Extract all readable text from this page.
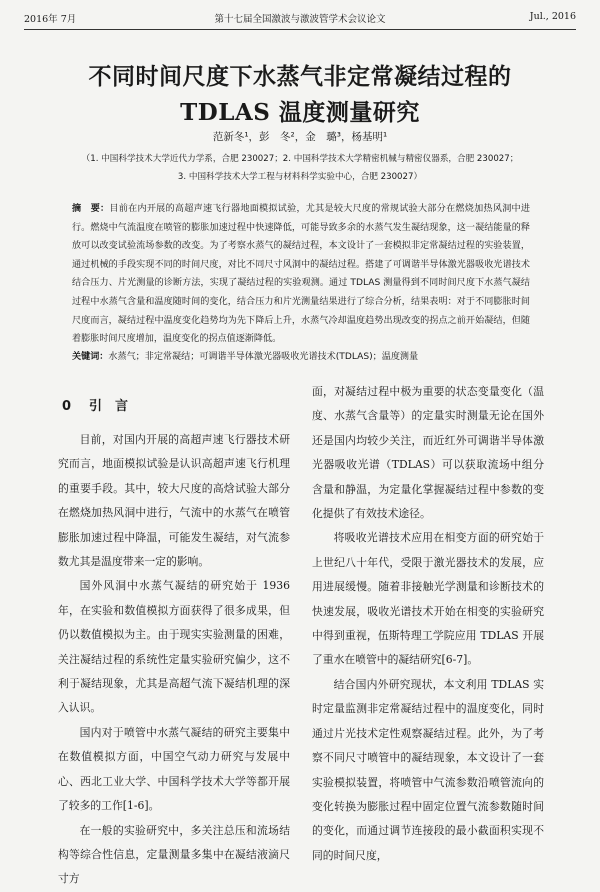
2016年 7月	第十七届全国激波与激波管学术会议论文	Jul., 2016
不同时间尺度下水蒸气非定常凝结过程的
TDLAS 温度测量研究
范新冬¹，彭　冬²，金　璐³，杨基明¹
（1. 中国科学技术大学近代力学系，合肥 230027；2. 中国科学技术大学精密机械与精密仪器系，合肥 230027；
3. 中国科学技术大学工程与材料科学实验中心，合肥 230027）
摘　要：目前在内开展的高超声速飞行器地面模拟试验，尤其是较大尺度的常规试验大部分在燃烧加热风洞中进行。燃烧中气流温度在喷管的膨胀加速过程中快速降低，可能导致多余的水蒸气发生凝结现象，这一凝结能量的释放可以改变试验流场参数的改变。为了考察水蒸气的凝结过程，本文设计了一套模拟非定常凝结过程的实验装置，通过机械的手段实现不同的时间尺度，对比不同尺寸风洞中的凝结过程。搭建了可调谐半导体激光器吸收光谱技术结合压力、片光测量的诊断方法，实现了凝结过程的实验观测。通过 TDLAS 测量得到不同时间尺度下水蒸气凝结过程中水蒸气含量和温度随时间的变化，结合压力和片光测量结果进行了综合分析，结果表明：对于不同膨胀时间尺度而言，凝结过程中温度变化趋势均为先下降后上升，水蒸气冷却温度趋势出现改变的拐点之前开始凝结，但随着膨胀时间尺度增加，温度变化的拐点值逐渐降低。
关键词：水蒸气；非定常凝结；可调谐半导体激光器吸收光谱技术(TDLAS)；温度测量
0 引　言

目前，对国内开展的高超声速飞行器技术研究而言，地面模拟试验是认识高超声速飞行机理的重要手段。其中，较大尺度的高焓试验大部分在燃烧加热风洞中进行，气流中的水蒸气在喷管膨胀加速过程中降温，可能发生凝结，对气流参数尤其是温度带来一定的影响。

国外风洞中水蒸气凝结的研究始于 1936 年，在实验和数值模拟方面获得了很多成果，但仍以数值模拟为主。由于现实实验测量的困难，关注凝结过程的系统性定量实验研究偏少，这不利于凝结现象，尤其是高超气流下凝结机理的深入认识。

国内对于喷管中水蒸气凝结的研究主要集中在数值模拟方面，中国空气动力研究与发展中心、西北工业大学、中国科学技术大学等都开展了较多的工作[1-6]。

在一般的实验研究中，多关注总压和流场结构等综合性信息，定量测量多集中在凝结液滴尺寸方

面，对凝结过程中极为重要的状态变量变化（温度、水蒸气含量等）的定量实时测量无论在国外还是国内均较少关注，而近红外可调谐半导体激光器吸收光谱（TDLAS）可以获取流场中组分含量和静温，为定量化掌握凝结过程中参数的变化提供了有效技术途径。

将吸收光谱技术应用在相变方面的研究始于上世纪八十年代，受限于激光器技术的发展，应用进展缓慢。随着非接触光学测量和诊断技术的快速发展，吸收光谱技术开始在相变的实验研究中得到重视，伍斯特理工学院应用 TDLAS 开展了重水在喷管中的凝结研究[6-7]。

结合国内外研究现状，本文利用 TDLAS 实时定量监测非定常凝结过程中的温度变化，同时通过片光技术定性观察凝结过程。此外，为了考察不同尺寸喷管中的凝结现象，本文设计了一套实验模拟装置，将喷管中气流参数沿喷管流向的变化转换为膨胀过程中固定位置气流参数随时间的变化，而通过调节连接段的最小截面积实现不同的时间尺度，
